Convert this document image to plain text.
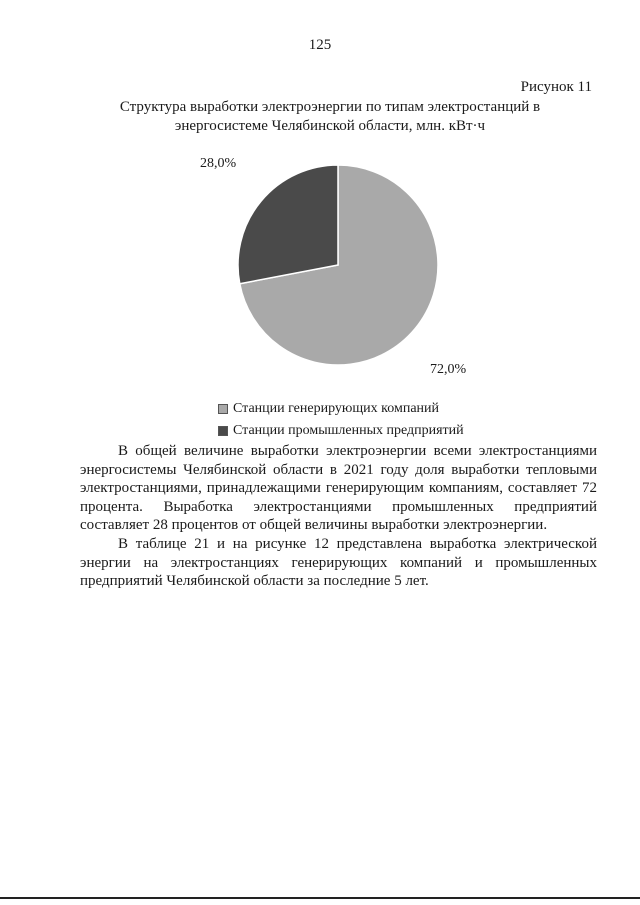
125
Рисунок 11
Структура выработки электроэнергии по типам электростанций в
энергосистеме Челябинской области, млн. кВт·ч
72,0%
28,0%
Станции генерирующих компаний
Станции промышленных предприятий

В общей величине выработки электроэнергии всеми электростанциями энергосистемы Челябинской области в 2021 году доля выработки тепловыми электростанциями, принадлежащими генерирующим компаниям, составляет 72 процента. Выработка электростанциями промышленных предприятий составляет 28 процентов от общей величины выработки электроэнергии.

В таблице 21 и на рисунке 12 представлена выработка электрической энергии на электростанциях генерирующих компаний и промышленных предприятий Челябинской области за последние 5 лет.
